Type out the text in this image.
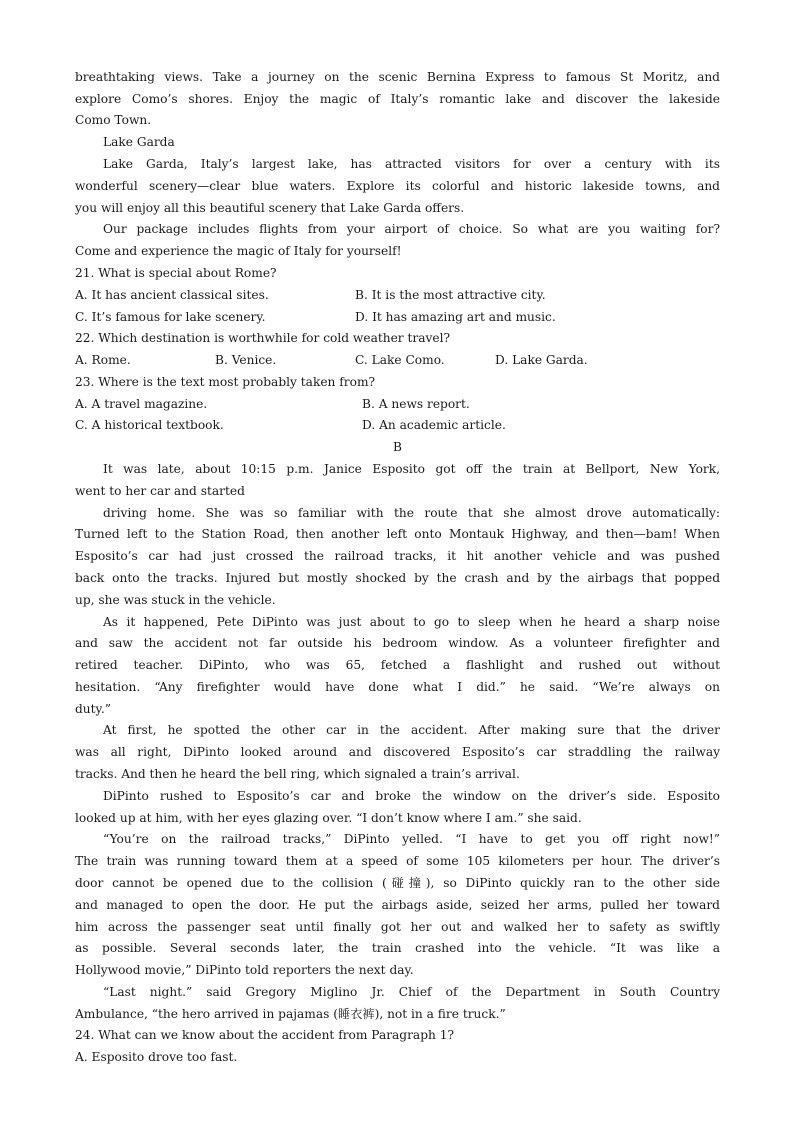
breathtaking views. Take a journey on the scenic Bernina Express to famous St Moritz, and
explore Como’s shores. Enjoy the magic of Italy’s romantic lake and discover the lakeside
Como Town.
Lake Garda
Lake Garda, Italy’s largest lake, has attracted visitors for over a century with its
wonderful scenery—clear blue waters. Explore its colorful and historic lakeside towns, and
you will enjoy all this beautiful scenery that Lake Garda offers.
Our package includes flights from your airport of choice. So what are you waiting for?
Come and experience the magic of Italy for yourself!
21. What is special about Rome?
A. It has ancient classical sites.	B. It is the most attractive city.
C. It’s famous for lake scenery.	D. It has amazing art and music.
22. Which destination is worthwhile for cold weather travel?
A. Rome.	B. Venice.	C. Lake Como.	D. Lake Garda.
23. Where is the text most probably taken from?
A. A travel magazine.	B. A news report.
C. A historical textbook.	D. An academic article.
B
It was late, about 10:15 p.m. Janice Esposito got off the train at Bellport, New York,
went to her car and started
driving home. She was so familiar with the route that she almost drove automatically:
Turned left to the Station Road, then another left onto Montauk Highway, and then—bam! When
Esposito’s car had just crossed the railroad tracks, it hit another vehicle and was pushed
back onto the tracks. Injured but mostly shocked by the crash and by the airbags that popped
up, she was stuck in the vehicle.
As it happened, Pete DiPinto was just about to go to sleep when he heard a sharp noise
and saw the accident not far outside his bedroom window. As a volunteer firefighter and
retired teacher. DiPinto, who was 65, fetched a flashlight and rushed out without
hesitation. “Any firefighter would have done what I did.” he said. “We’re always on
duty.”
At first, he spotted the other car in the accident. After making sure that the driver
was all right, DiPinto looked around and discovered Esposito’s car straddling the railway
tracks. And then he heard the bell ring, which signaled a train’s arrival.
DiPinto rushed to Esposito’s car and broke the window on the driver’s side. Esposito
looked up at him, with her eyes glazing over. “I don’t know where I am.” she said.
“You’re on the railroad tracks,” DiPinto yelled. “I have to get you off right now!”
The train was running toward them at a speed of some 105 kilometers per hour. The driver’s
door cannot be opened due to the collision (碰撞), so DiPinto quickly ran to the other side
and managed to open the door. He put the airbags aside, seized her arms, pulled her toward
him across the passenger seat until finally got her out and walked her to safety as swiftly
as possible. Several seconds later, the train crashed into the vehicle. “It was like a
Hollywood movie,” DiPinto told reporters the next day.
“Last night.” said Gregory Miglino Jr. Chief of the Department in South Country
Ambulance, “the hero arrived in pajamas (睡衣裤), not in a fire truck.”
24. What can we know about the accident from Paragraph 1?
A. Esposito drove too fast.
